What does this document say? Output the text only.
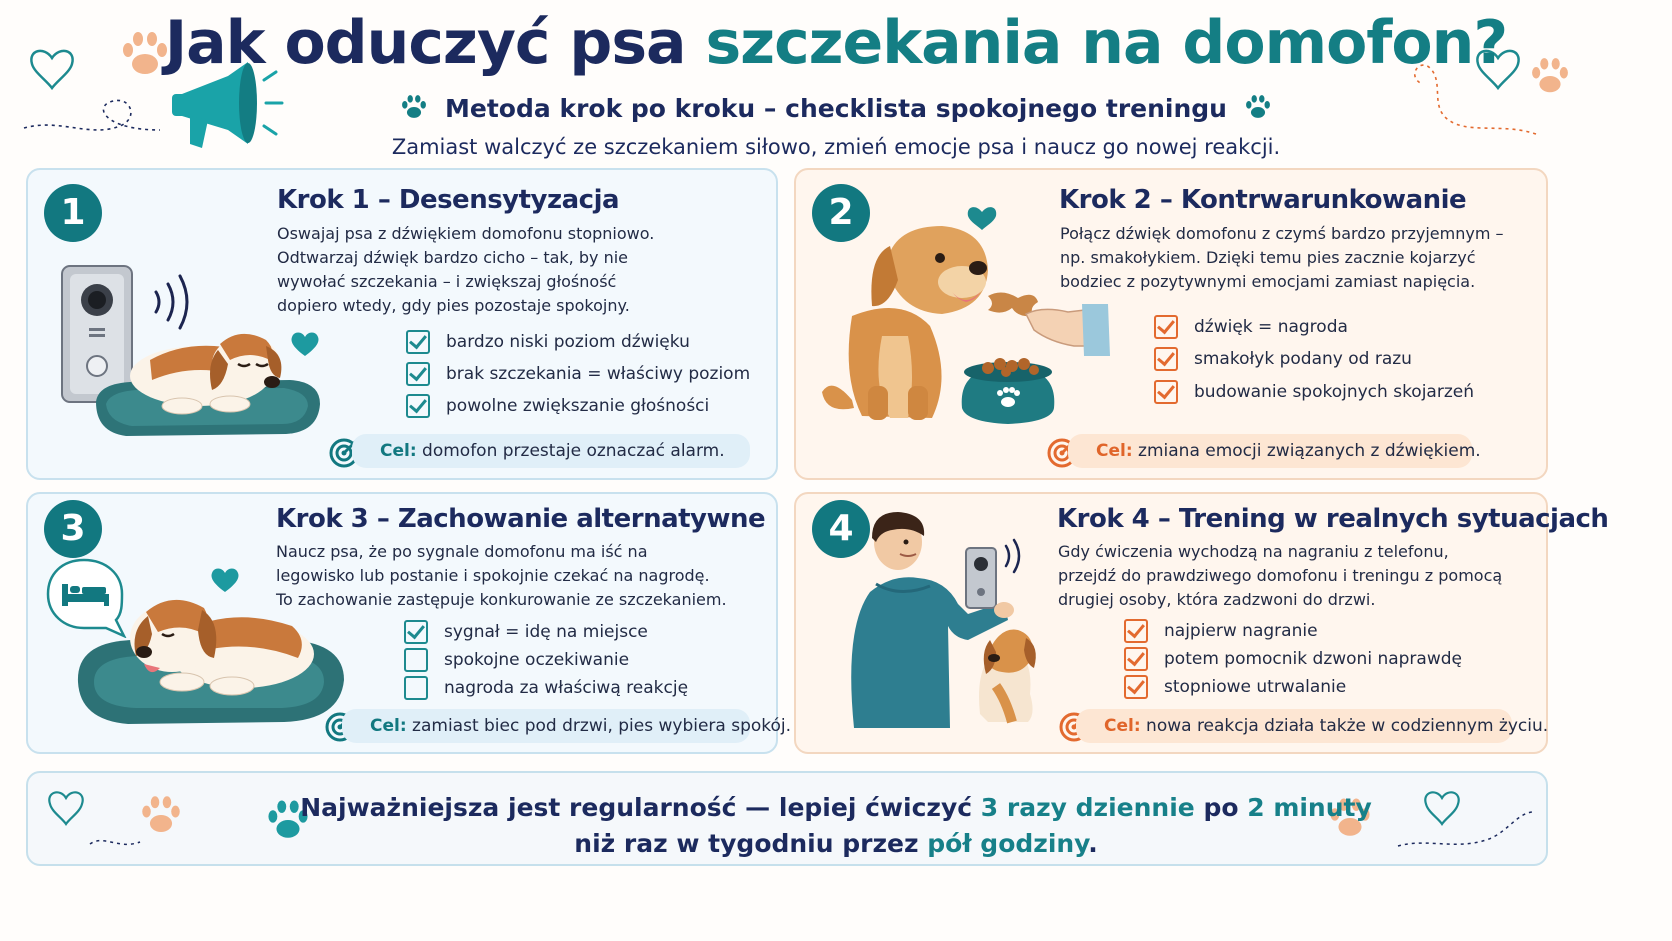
Jak oduczyć psa szczekania na domofon?
Metoda krok po kroku – checklista spokojnego treningu
Zamiast walczyć ze szczekaniem siłowo, zmień emocje psa i naucz go nowej reakcji.
1	Krok 1 – Desensytyzacja
Oswajaj psa z dźwiękiem domofonu stopniowo.
Odtwarzaj dźwięk bardzo cicho – tak, by nie
wywołać szczekania – i zwiększaj głośność
dopiero wtedy, gdy pies pozostaje spokojny.
bardzo niski poziom dźwięku
brak szczekania = właściwy poziom
powolne zwiększanie głośności
Cel: domofon przestaje oznaczać alarm.
2	Krok 2 – Kontrwarunkowanie
Połącz dźwięk domofonu z czymś bardzo przyjemnym –
np. smakołykiem. Dzięki temu pies zacznie kojarzyć
bodziec z pozytywnymi emocjami zamiast napięcia.
dźwięk = nagroda
smakołyk podany od razu
budowanie spokojnych skojarzeń
Cel: zmiana emocji związanych z dźwiękiem.
3	Krok 3 – Zachowanie alternatywne
Naucz psa, że po sygnale domofonu ma iść na
legowisko lub postanie i spokojnie czekać na nagrodę.
To zachowanie zastępuje konkurowanie ze szczekaniem.
sygnał = idę na miejsce
spokojne oczekiwanie
nagroda za właściwą reakcję
Cel: zamiast biec pod drzwi, pies wybiera spokój.
4	Krok 4 – Trening w realnych sytuacjach
Gdy ćwiczenia wychodzą na nagraniu z telefonu,
przejdź do prawdziwego domofonu i treningu z pomocą
drugiej osoby, która zadzwoni do drzwi.
najpierw nagranie
potem pomocnik dzwoni naprawdę
stopniowe utrwalanie
Cel: nowa reakcja działa także w codziennym życiu.
Najważniejsza jest regularność — lepiej ćwiczyć 3 razy dziennie po 2 minuty
niż raz w tygodniu przez pół godziny.
